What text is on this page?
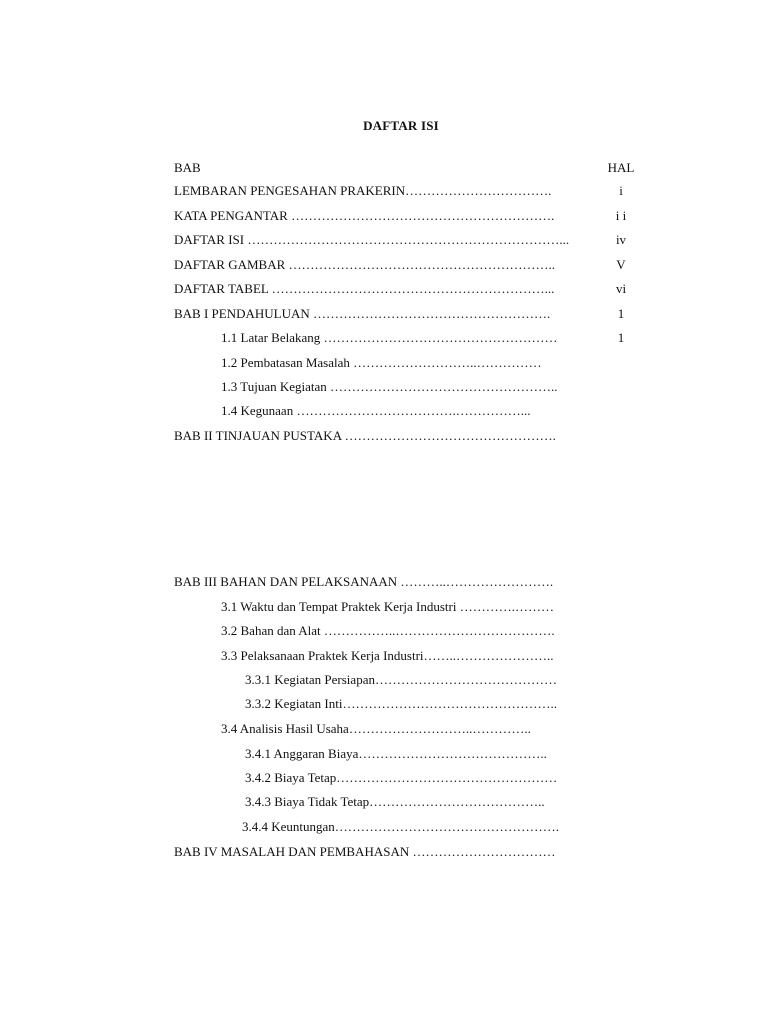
DAFTAR ISI
BAB	HAL
LEMBARAN PENGESAHAN PRAKERIN…………………………….	i
KATA PENGANTAR …………………………………………………….	i i
DAFTAR ISI ………………………………………………………………...	iv
DAFTAR GAMBAR ……………………………………………………..	V
DAFTAR TABEL ………………………………………………………...	vi
BAB I PENDAHULUAN ……………………………………………….	1
1.1 Latar Belakang ………………………………………………	1
1.2 Pembatasan Masalah ………………………..……………
1.3 Tujuan Kegiatan ……………………………………………..
1.4 Kegunaan ……………………………….……………...
BAB II TINJAUAN PUSTAKA ………………………………………….
BAB III BAHAN DAN PELAKSANAAN ………..…………………….
3.1 Waktu dan Tempat Praktek Kerja Industri ………….………
3.2 Bahan dan Alat ……………..……………………………….
3.3 Pelaksanaan Praktek Kerja Industri……..…………………..
3.3.1 Kegiatan Persiapan……………………………………
3.3.2 Kegiatan Inti…………………………………………..
3.4 Analisis Hasil Usaha………………………..…………..
3.4.1 Anggaran Biaya……………………………………..
3.4.2 Biaya Tetap……………………………………………
3.4.3 Biaya Tidak Tetap…………………………………..
3.4.4 Keuntungan…………………………………………….
BAB IV MASALAH DAN PEMBAHASAN ……………………………
